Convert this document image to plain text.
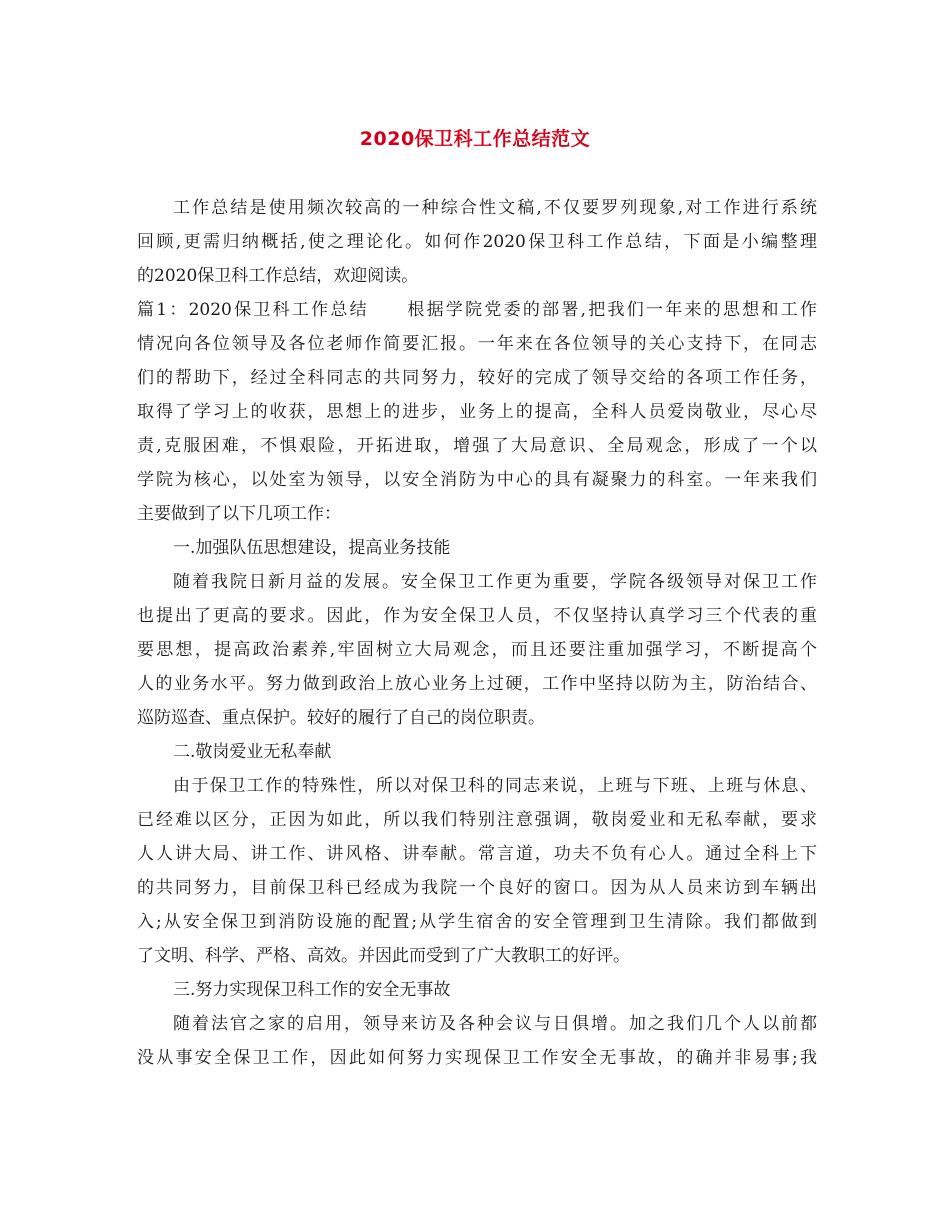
2020保卫科工作总结范文
工作总结是使用频次较高的一种综合性文稿,不仅要罗列现象,对工作进行系统
回顾,更需归纳概括,使之理论化。如何作2020保卫科工作总结，下面是小编整理
的2020保卫科工作总结，欢迎阅读。
篇1：2020保卫科工作总结　　根据学院党委的部署,把我们一年来的思想和工作
情况向各位领导及各位老师作简要汇报。一年来在各位领导的关心支持下，在同志
们的帮助下，经过全科同志的共同努力，较好的完成了领导交给的各项工作任务，
取得了学习上的收获，思想上的进步，业务上的提高，全科人员爱岗敬业，尽心尽
责,克服困难，不惧艰险，开拓进取，增强了大局意识、全局观念，形成了一个以
学院为核心，以处室为领导，以安全消防为中心的具有凝聚力的科室。一年来我们
主要做到了以下几项工作：
一.加强队伍思想建设，提高业务技能
随着我院日新月益的发展。安全保卫工作更为重要，学院各级领导对保卫工作
也提出了更高的要求。因此，作为安全保卫人员，不仅坚持认真学习三个代表的重
要思想，提高政治素养,牢固树立大局观念，而且还要注重加强学习，不断提高个
人的业务水平。努力做到政治上放心业务上过硬，工作中坚持以防为主，防治结合、
巡防巡查、重点保护。较好的履行了自己的岗位职责。
二.敬岗爱业无私奉献
由于保卫工作的特殊性，所以对保卫科的同志来说，上班与下班、上班与休息、
已经难以区分，正因为如此，所以我们特别注意强调，敬岗爱业和无私奉献，要求
人人讲大局、讲工作、讲风格、讲奉献。常言道，功夫不负有心人。通过全科上下
的共同努力，目前保卫科已经成为我院一个良好的窗口。因为从人员来访到车辆出
入;从安全保卫到消防设施的配置;从学生宿舍的安全管理到卫生清除。我们都做到
了文明、科学、严格、高效。并因此而受到了广大教职工的好评。
三.努力实现保卫科工作的安全无事故
随着法官之家的启用，领导来访及各种会议与日俱增。加之我们几个人以前都
没从事安全保卫工作，因此如何努力实现保卫工作安全无事故，的确并非易事;我
